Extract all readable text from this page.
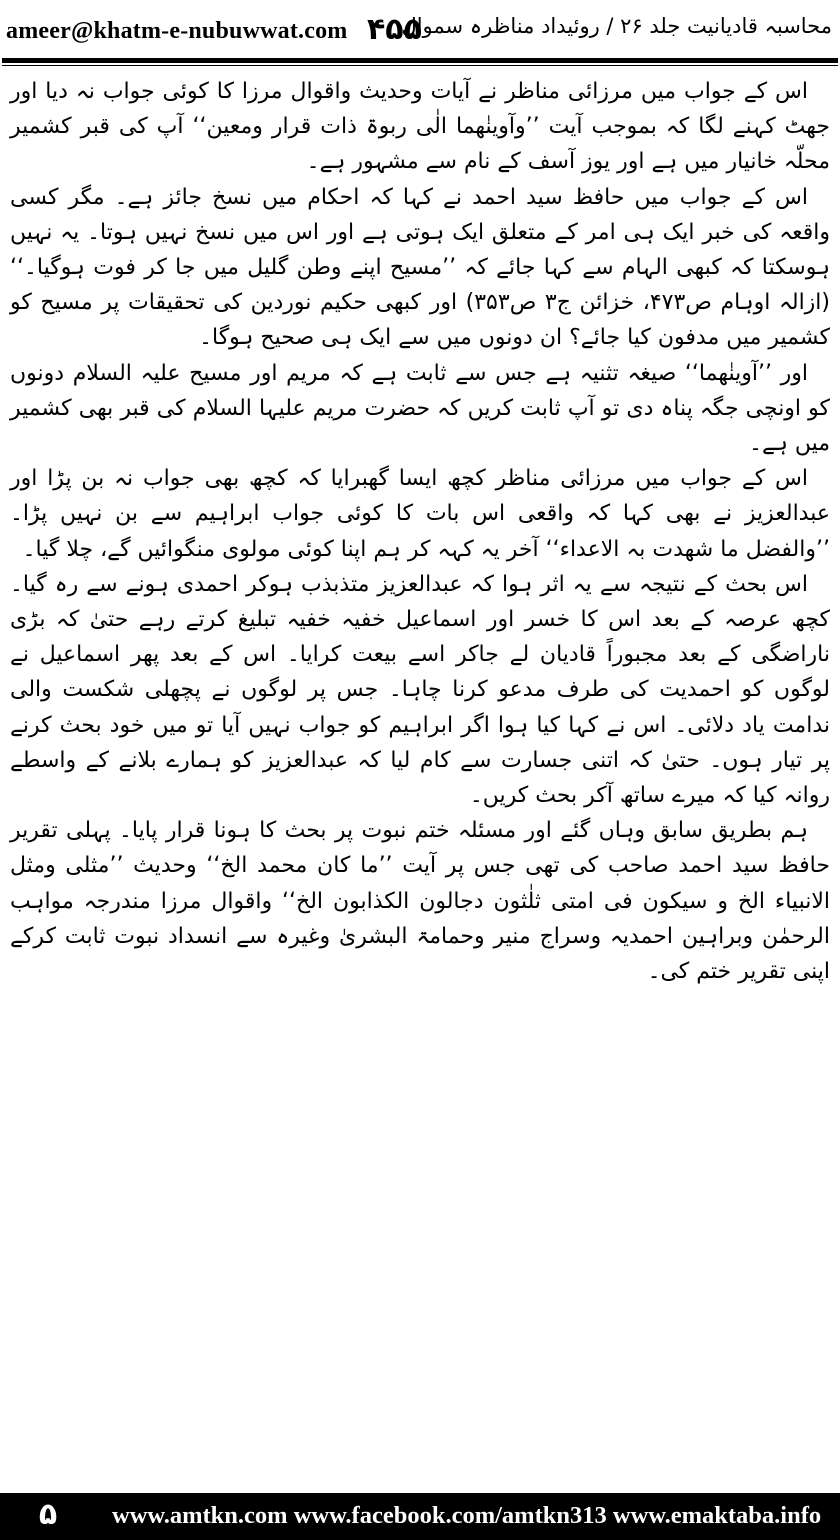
ameer@khatm-e-nubuwwat.com ۴۵۵
محاسبہ قادیانیت جلد ۲۶ / روئیداد مناظرہ سموال

اس کے جواب میں مرزائی مناظر نے آیات وحدیث واقوال مرزا کا کوئی جواب نہ دیا اور جھٹ کہنے لگا کہ بموجب آیت ’’وآوینٰھما الٰی ربوۃ ذات قرار ومعین‘‘ آپ کی قبر کشمیر محلّہ خانیار میں ہے اور یوز آسف کے نام سے مشہور ہے۔

اس کے جواب میں حافظ سید احمد نے کہا کہ احکام میں نسخ جائز ہے۔ مگر کسی واقعہ کی خبر ایک ہی امر کے متعلق ایک ہوتی ہے اور اس میں نسخ نہیں ہوتا۔ یہ نہیں ہوسکتا کہ کبھی الہام سے کہا جائے کہ ’’مسیح اپنے وطن گلیل میں جا کر فوت ہوگیا۔‘‘ (ازالہ اوہام ص۴۷۳، خزائن ج۳ ص۳۵۳) اور کبھی حکیم نوردین کی تحقیقات پر مسیح کو کشمیر میں مدفون کیا جائے؟ ان دونوں میں سے ایک ہی صحیح ہوگا۔

اور ’’آوینٰھما‘‘ صیغہ تثنیہ ہے جس سے ثابت ہے کہ مریم اور مسیح علیہ السلام دونوں کو اونچی جگہ پناہ دی تو آپ ثابت کریں کہ حضرت مریم علیہا السلام کی قبر بھی کشمیر میں ہے۔

اس کے جواب میں مرزائی مناظر کچھ ایسا گھبرایا کہ کچھ بھی جواب نہ بن پڑا اور عبدالعزیز نے بھی کہا کہ واقعی اس بات کا کوئی جواب ابراہیم سے بن نہیں پڑا۔ ’’والفضل ما شھدت بہ الاعداء‘‘ آخر یہ کہہ کر ہم اپنا کوئی مولوی منگوائیں گے، چلا گیا۔

اس بحث کے نتیجہ سے یہ اثر ہوا کہ عبدالعزیز متذبذب ہوکر احمدی ہونے سے رہ گیا۔ کچھ عرصہ کے بعد اس کا خسر اور اسماعیل خفیہ خفیہ تبلیغ کرتے رہے حتیٰ کہ بڑی ناراضگی کے بعد مجبوراً قادیان لے جاکر اسے بیعت کرایا۔ اس کے بعد پھر اسماعیل نے لوگوں کو احمدیت کی طرف مدعو کرنا چاہا۔ جس پر لوگوں نے پچھلی شکست والی ندامت یاد دلائی۔ اس نے کہا کیا ہوا اگر ابراہیم کو جواب نہیں آیا تو میں خود بحث کرنے پر تیار ہوں۔ حتیٰ کہ اتنی جسارت سے کام لیا کہ عبدالعزیز کو ہمارے بلانے کے واسطے روانہ کیا کہ میرے ساتھ آکر بحث کریں۔

ہم بطریق سابق وہاں گئے اور مسئلہ ختم نبوت پر بحث کا ہونا قرار پایا۔ پہلی تقریر حافظ سید احمد صاحب کی تھی جس پر آیت ’’ما کان محمد الخ‘‘ وحدیث ’’مثلی ومثل الانبیاء الخ و سیکون فی امتی ثلٰثون دجالون الکذابون الخ‘‘ واقوال مرزا مندرجہ مواہب الرحمٰن وبراہین احمدیہ وسراج منیر وحمامۃ البشریٰ وغیرہ سے انسداد نبوت ثابت کرکے اپنی تقریر ختم کی۔

۵	www.amtkn.com www.facebook.com/amtkn313 www.emaktaba.info
